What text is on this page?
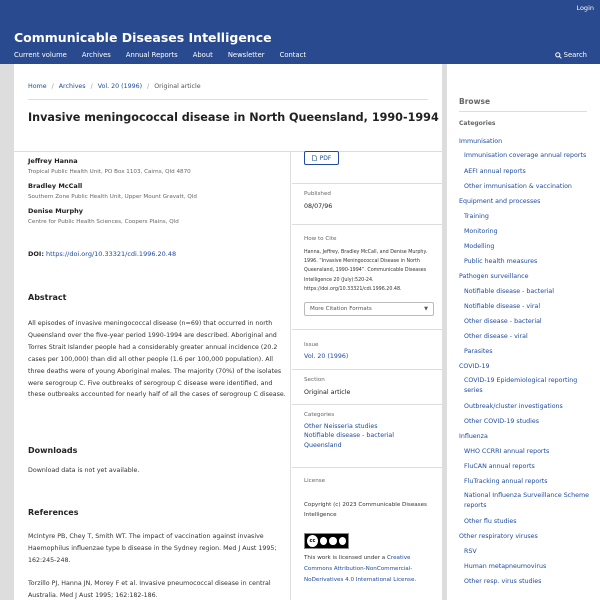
Login
Communicable Diseases Intelligence
Current volume Archives Annual Reports About Newsletter Contact	Search
Home / Archives / Vol. 20 (1996) / Original article
Invasive meningococcal disease in North Queensland, 1990-1994
Jeffrey Hanna
Tropical Public Health Unit, PO Box 1103, Cairns, Qld 4870
Bradley McCall
Southern Zone Public Health Unit, Upper Mount Gravatt, Qld
Denise Murphy
Centre for Public Health Sciences, Coopers Plains, Qld
DOI: https://doi.org/10.33321/cdi.1996.20.48
Abstract

All episodes of invasive meningococcal disease (n=69) that occurred in north Queensland over the five-year period 1990-1994 are described. Aboriginal and Torres Strait Islander people had a considerably greater annual incidence (20.2 cases per 100,000) than did all other people (1.6 per 100,000 population). All three deaths were of young Aboriginal males. The majority (70%) of the isolates were serogroup C. Five outbreaks of serogroup C disease were identified, and these outbreaks accounted for nearly half of all the cases of serogroup C disease.

Downloads

Download data is not yet available.

References

McIntyre PB, Chey T, Smith WT. The impact of vaccination against invasive Haemophilus influenzae type b disease in the Sydney region. Med J Aust 1995; 162:245-248.

Torzillo PJ, Hanna JN, Morey F et al. Invasive pneumococcal disease in central Australia. Med J Aust 1995; 162:182-186.

PDF
Published
08/07/96
How to Cite

Hanna, Jeffrey, Bradley McCall, and Denise Murphy. 1996. “Invasive Meningococcal Disease in North Queensland, 1990-1994”. Communicable Diseases Intelligence 20 (July):520-24. https://doi.org/10.33321/cdi.1996.20.48.

More Citation Formats	▼
Issue
Vol. 20 (1996)
Section
Original article
Categories
Other Neisseria studies
Notifiable disease - bacterial
Queensland
License

Copyright (c) 2023 Communicable Diseases Intelligence

cc

This work is licensed under a Creative Commons Attribution-NonCommercial-NoDerivatives 4.0 International License.

Browse
Categories
Immunisation
Immunisation coverage annual reports
AEFI annual reports
Other immunisation & vaccination
Equipment and processes
Training
Monitoring
Modelling
Public health measures
Pathogen surveillance
Notifiable disease - bacterial
Notifiable disease - viral
Other disease - bacterial
Other disease - viral
Parasites
COVID-19
COVID-19 Epidemiological reporting series
Outbreak/cluster investigations
Other COVID-19 studies
Influenza
WHO CCRRI annual reports
FluCAN annual reports
FluTracking annual reports
National Influenza Surveillance Scheme reports
Other flu studies
Other respiratory viruses
RSV
Human metapneumovirus
Other resp. virus studies
